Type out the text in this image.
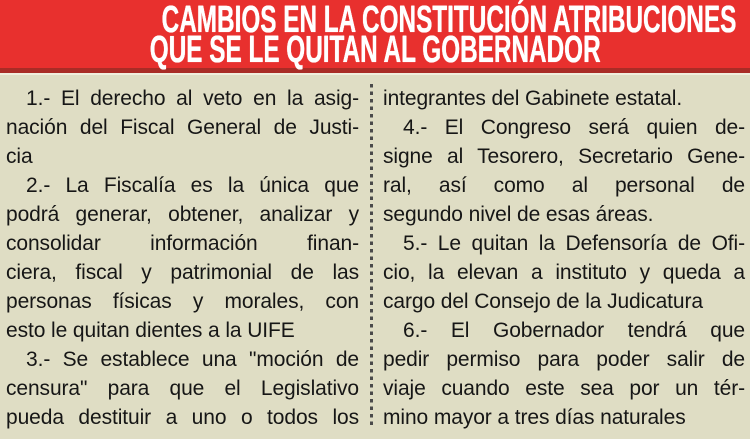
CAMBIOS EN LA CONSTITUCIÓN ATRIBUCIONES
QUE SE LE QUITAN AL GOBERNADOR
1.- El derecho al veto en la asig-
nación del Fiscal General de Justi-
cia
2.- La Fiscalía es la única que
podrá generar, obtener, analizar y
consolidar información finan-
ciera, fiscal y patrimonial de las
personas físicas y morales, con
esto le quitan dientes a la UIFE
3.- Se establece una "moción de
censura" para que el Legislativo
pueda destituir a uno o todos los
integrantes del Gabinete estatal.
4.- El Congreso será quien de-
signe al Tesorero, Secretario Gene-
ral, así como al personal de
segundo nivel de esas áreas.
5.- Le quitan la Defensoría de Ofi-
cio, la elevan a instituto y queda a
cargo del Consejo de la Judicatura
6.- El Gobernador tendrá que
pedir permiso para poder salir de
viaje cuando este sea por un tér-
mino mayor a tres días naturales
